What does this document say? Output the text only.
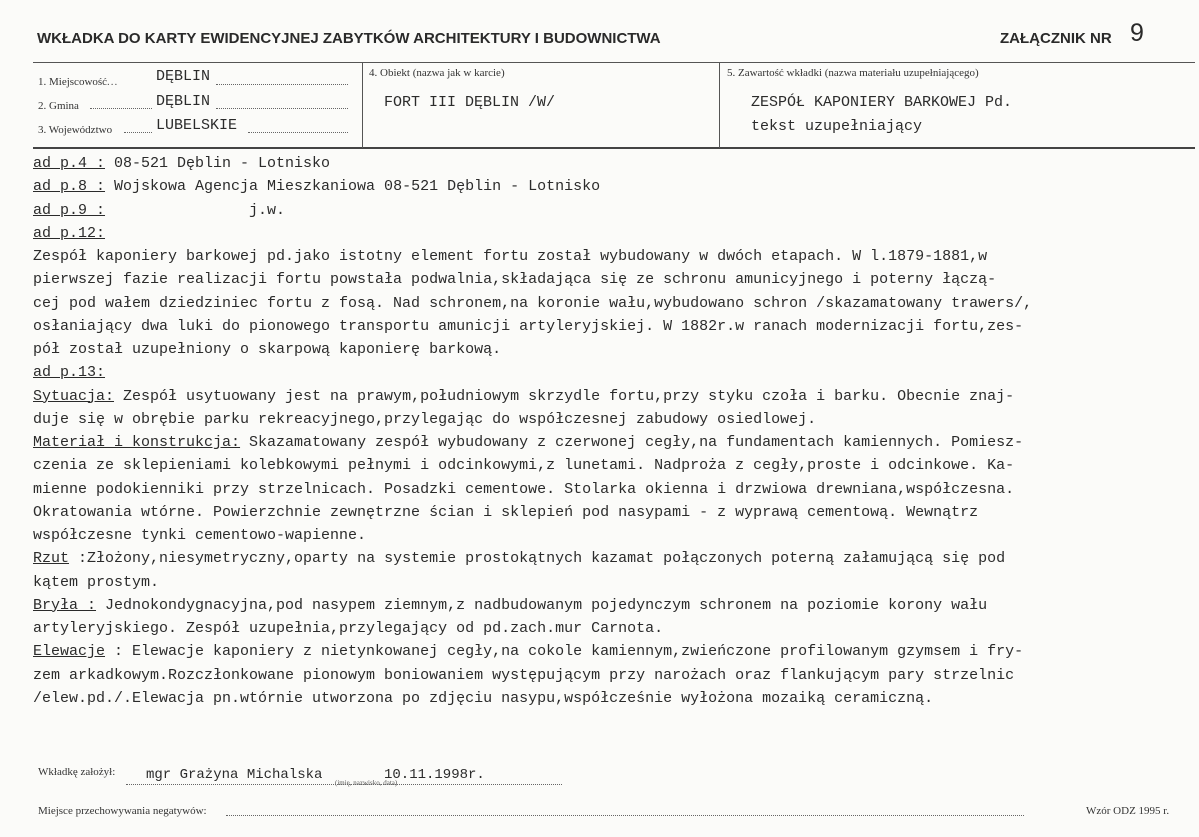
WKŁADKA DO KARTY EWIDENCYJNEJ ZABYTKÓW ARCHITEKTURY I BUDOWNICTWA	ZAŁĄCZNIK NR 9
1. Miejscowość...	DĘBLIN
2. Gmina	DĘBLIN
3. Województwo	LUBELSKIE
4. Obiekt (nazwa jak w karcie)
FORT III DĘBLIN /W/
5. Zawartość wkładki (nazwa materiału uzupełniającego)
ZESPÓŁ KAPONIERY BARKOWEJ Pd.
tekst uzupełniający
ad p.4 : 08-521 Dęblin - Lotnisko
ad p.8 : Wojskowa Agencja Mieszkaniowa 08-521 Dęblin - Lotnisko
ad p.9 :                j.w.
ad p.12:
Zespół kaponiery barkowej pd.jako istotny element fortu został wybudowany w dwóch etapach. W l.1879-1881,w
pierwszej fazie realizacji fortu powstała podwalnia,składająca się ze schronu amunicyjnego i poterny łączą-
cej pod wałem dziedziniec fortu z fosą. Nad schronem,na koronie wału,wybudowano schron /skazamatowany trawers/,
osłaniający dwa luki do pionowego transportu amunicji artyleryjskiej. W 1882r.w ranach modernizacji fortu,zes-
pół został uzupełniony o skarpową kaponierę barkową.
ad p.13:
Sytuacja: Zespół usytuowany jest na prawym,południowym skrzydle fortu,przy styku czoła i barku. Obecnie znaj-
duje się w obrębie parku rekreacyjnego,przylegając do współczesnej zabudowy osiedlowej.
Materiał i konstrukcja: Skazamatowany zespół wybudowany z czerwonej cegły,na fundamentach kamiennych. Pomiesz-
czenia ze sklepieniami kolebkowymi pełnymi i odcinkowymi,z lunetami. Nadproża z cegły,proste i odcinkowe. Ka-
mienne podokienniki przy strzelnicach. Posadzki cementowe. Stolarka okienna i drzwiowa drewniana,współczesna.
Okratowania wtórne. Powierzchnie zewnętrzne ścian i sklepień pod nasypami - z wyprawą cementową. Wewnątrz
współczesne tynki cementowo-wapienne.
Rzut :Złożony,niesymetryczny,oparty na systemie prostokątnych kazamat połączonych poterną załamującą się pod
kątem prostym.
Bryła : Jednokondygnacyjna,pod nasypem ziemnym,z nadbudowanym pojedynczym schronem na poziomie korony wału
artyleryjskiego. Zespół uzupełnia,przylegający od pd.zach.mur Carnota.
Elewacje : Elewacje kaponiery z nietynkowanej cegły,na cokole kamiennym,zwieńczone profilowanym gzymsem i fry-
zem arkadkowym.Rozczłonkowane pionowym boniowaniem występującym przy narożach oraz flankującym pary strzelnic
/elew.pd./.Elewacja pn.wtórnie utworzona po zdjęciu nasypu,współcześnie wyłożona mozaiką ceramiczną.
Wkładkę założył: mgr Grażyna Michalska (imię, nazwisko, data)
10.11.1998r.
Miejsce przechowywania negatywów:	Wzór ODZ 1995 r.
